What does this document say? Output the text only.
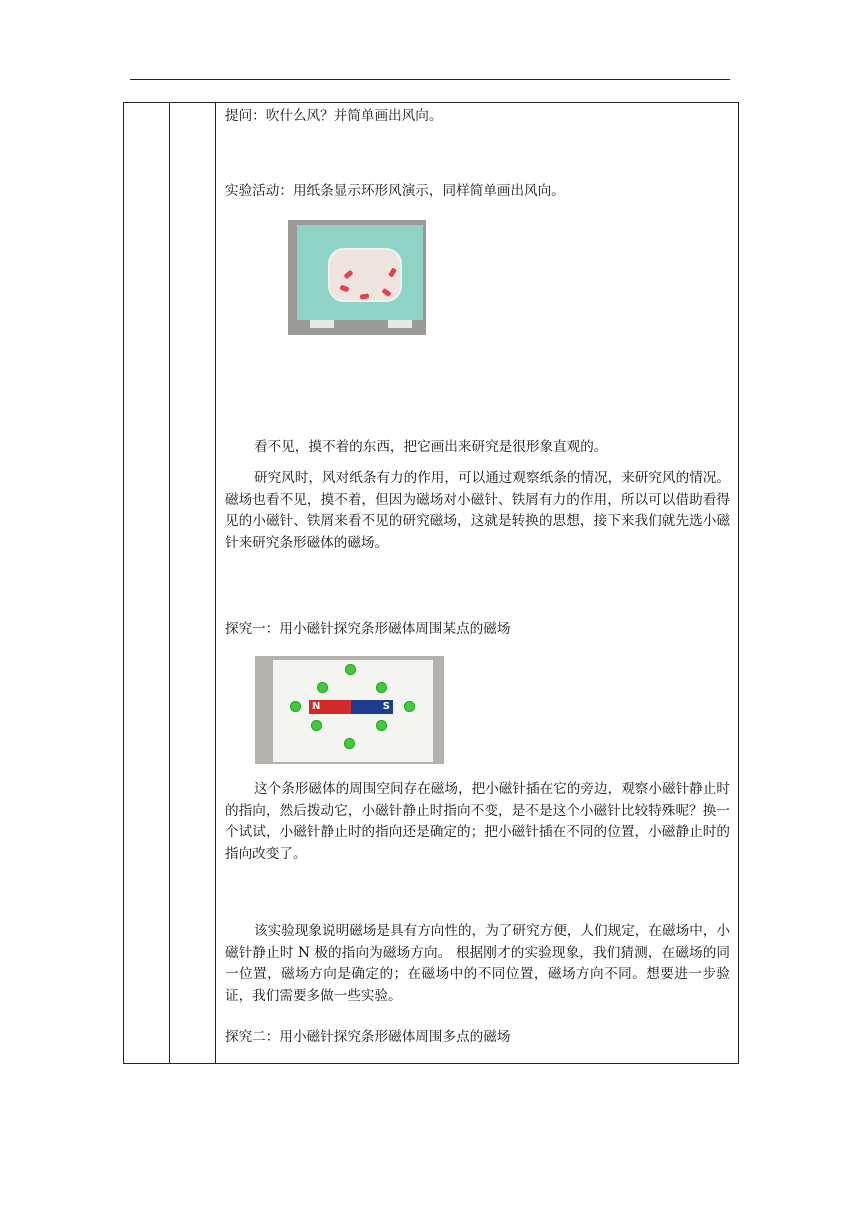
提问：吹什么风？并简单画出风向。

实验活动：用纸条显示环形风演示，同样简单画出风向。

看不见，摸不着的东西，把它画出来研究是很形象直观的。

研究风时，风对纸条有力的作用，可以通过观察纸条的情况，来研究风的情况。磁场也看不见，摸不着，但因为磁场对小磁针、铁屑有力的作用，所以可以借助看得见的小磁针、铁屑来看不见的研究磁场，这就是转换的思想，接下来我们就先选小磁针来研究条形磁体的磁场。

探究一：用小磁针探究条形磁体周围某点的磁场

N	S

这个条形磁体的周围空间存在磁场，把小磁针插在它的旁边，观察小磁针静止时的指向，然后拨动它，小磁针静止时指向不变，是不是这个小磁针比较特殊呢？换一个试试，小磁针静止时的指向还是确定的；把小磁针插在不同的位置，小磁静止时的指向改变了。

该实验现象说明磁场是具有方向性的，为了研究方便，人们规定，在磁场中，小磁针静止时 N 极的指向为磁场方向。 根据刚才的实验现象，我们猜测，在磁场的同一位置，磁场方向是确定的；在磁场中的不同位置，磁场方向不同。想要进一步验证，我们需要多做一些实验。

探究二：用小磁针探究条形磁体周围多点的磁场
